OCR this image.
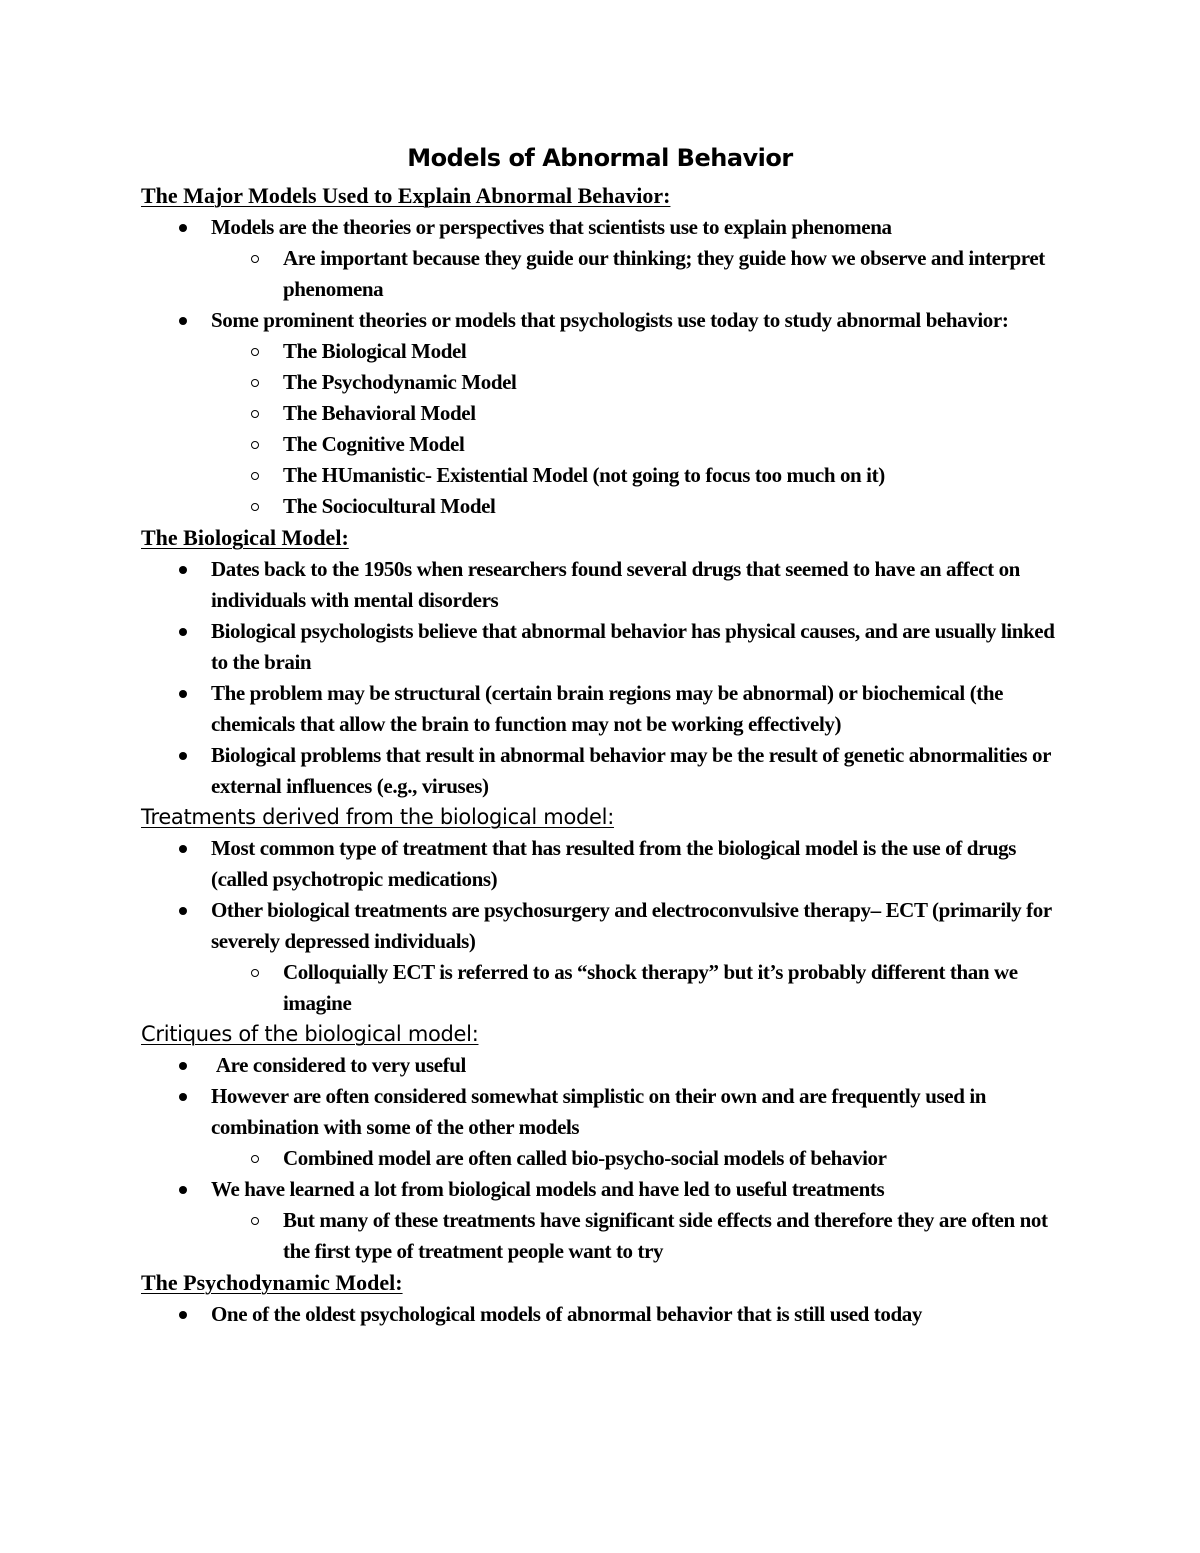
Models of Abnormal Behavior
The Major Models Used to Explain Abnormal Behavior:
Models are the theories or perspectives that scientists use to explain phenomena
Are important because they guide our thinking; they guide how we observe and interpret phenomena
Some prominent theories or models that psychologists use today to study abnormal behavior:
The Biological Model
The Psychodynamic Model
The Behavioral Model
The Cognitive Model
The HUmanistic- Existential Model (not going to focus too much on it)
The Sociocultural Model
The Biological Model:
Dates back to the 1950s when researchers found several drugs that seemed to have an affect on individuals with mental disorders
Biological psychologists believe that abnormal behavior has physical causes, and are usually linked to the brain
The problem may be structural (certain brain regions may be abnormal) or biochemical (the chemicals that allow the brain to function may not be working effectively)
Biological problems that result in abnormal behavior may be the result of genetic abnormalities or external influences (e.g., viruses)
Treatments derived from the biological model:
Most common type of treatment that has resulted from the biological model is the use of drugs (called psychotropic medications)
Other biological treatments are psychosurgery and electroconvulsive therapy– ECT (primarily for severely depressed individuals)
Colloquially ECT is referred to as “shock therapy” but it’s probably different than we imagine
Critiques of the biological model:
Are considered to very useful
However are often considered somewhat simplistic on their own and are frequently used in combination with some of the other models
Combined model are often called bio-psycho-social models of behavior
We have learned a lot from biological models and have led to useful treatments
But many of these treatments have significant side effects and therefore they are often not the first type of treatment people want to try
The Psychodynamic Model:
One of the oldest psychological models of abnormal behavior that is still used today
